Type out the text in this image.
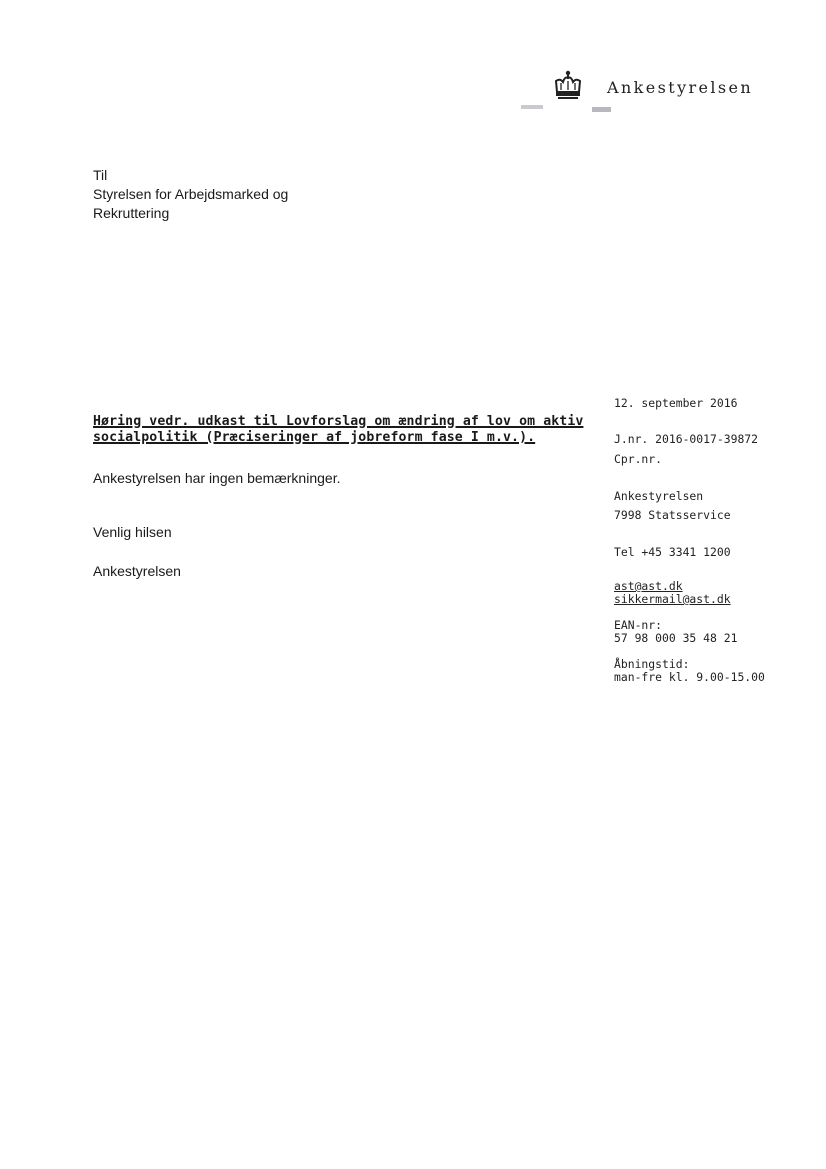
Ankestyrelsen
Til
Styrelsen for Arbejdsmarked og
Rekruttering
Høring vedr. udkast til Lovforslag om ændring af lov om aktiv
socialpolitik (Præciseringer af jobreform fase I m.v.).
Ankestyrelsen har ingen bemærkninger.
Venlig hilsen
Ankestyrelsen
12. september 2016
J.nr. 2016-0017-39872
Cpr.nr.
Ankestyrelsen
7998 Statsservice
Tel +45 3341 1200
ast@ast.dk
sikkermail@ast.dk
EAN-nr:
57 98 000 35 48 21
Åbningstid:
man-fre kl. 9.00-15.00
